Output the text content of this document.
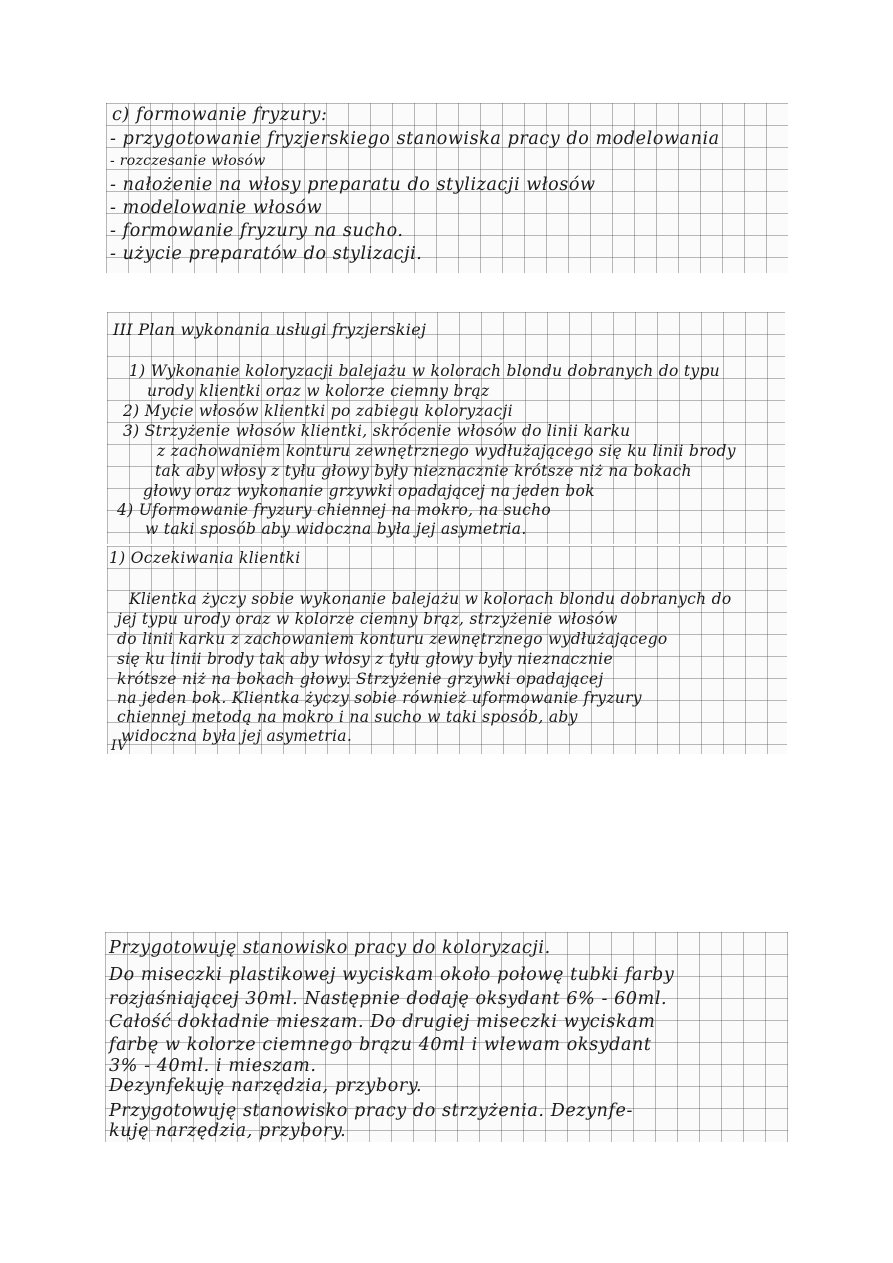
c) formowanie fryzury:

- przygotowanie fryzjerskiego stanowiska pracy do modelowania

- rozczesanie włosów

- nałożenie na włosy preparatu do stylizacji włosów

- modelowanie włosów

- formowanie fryzury na sucho.

- użycie preparatów do stylizacji.

III Plan wykonania usługi fryzjerskiej

1) Wykonanie koloryzacji balejażu w kolorach blondu dobranych do typu

urody klientki oraz w kolorze ciemny brąz

2) Mycie włosów klientki po zabiegu koloryzacji

3) Strzyżenie włosów klientki, skrócenie włosów do linii karku

z zachowaniem konturu zewnętrznego wydłużającego się ku linii brody

tak aby włosy z tyłu głowy były nieznacznie krótsze niż na bokach

głowy oraz wykonanie grzywki opadającej na jeden bok

4) Uformowanie fryzury chiennej na mokro, na sucho

w taki sposób aby widoczna była jej asymetria.

1) Oczekiwania klientki

Klientka życzy sobie wykonanie balejażu w kolorach blondu dobranych do

jej typu urody oraz w kolorze ciemny brąz, strzyżenie włosów

do linii karku z zachowaniem konturu zewnętrznego wydłużającego

się ku linii brody tak aby włosy z tyłu głowy były nieznacznie

krótsze niż na bokach głowy. Strzyżenie grzywki opadającej

na jeden bok. Klientka życzy sobie również uformowanie fryzury

chiennej metodą na mokro i na sucho w taki sposób, aby

widoczna była jej asymetria.

IV

Przygotowuję stanowisko pracy do koloryzacji.

Do miseczki plastikowej wyciskam około połowę tubki farby

rozjaśniającej 30ml. Następnie dodaję oksydant 6% - 60ml.

Całość dokładnie mieszam. Do drugiej miseczki wyciskam

farbę w kolorze ciemnego brązu 40ml i wlewam oksydant

3% - 40ml. i mieszam.

Dezynfekuję narzędzia, przybory.

Przygotowuję stanowisko pracy do strzyżenia. Dezynfe-

kuję narzędzia, przybory.
